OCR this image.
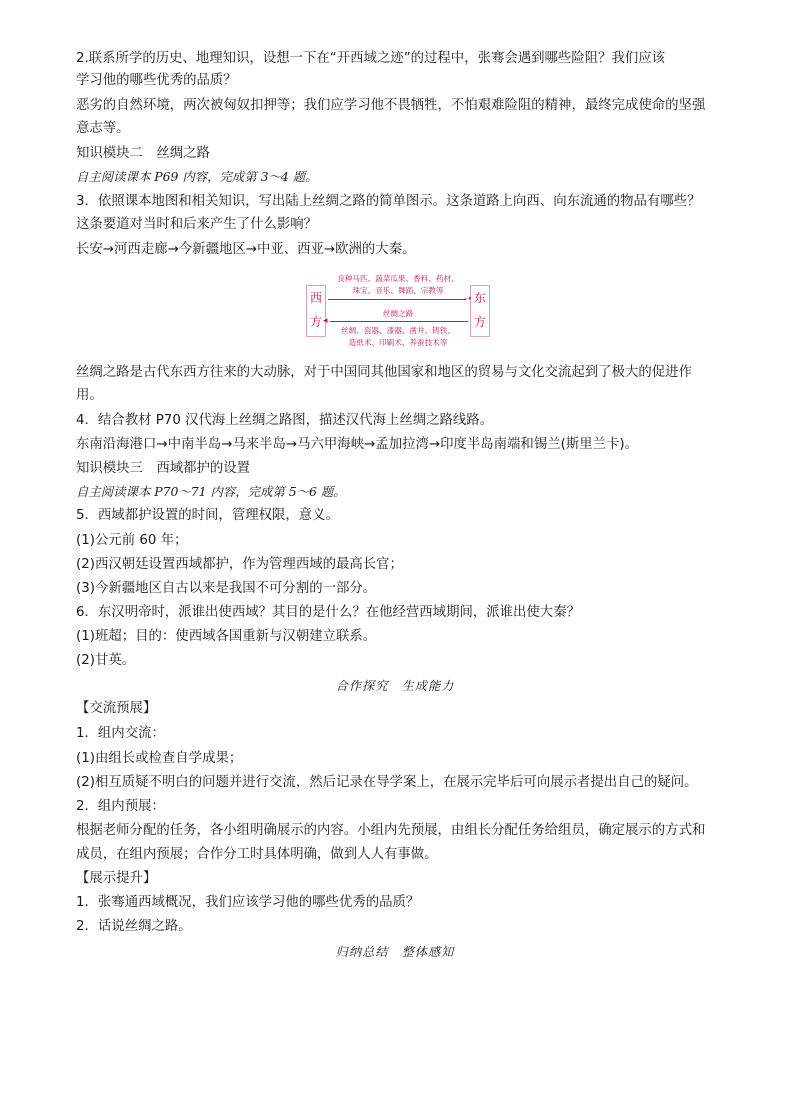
2.联系所学的历史、地理知识，设想一下在“开西域之迹”的过程中，张骞会遇到哪些险阻？我们应该
学习他的哪些优秀的品质？
恶劣的自然环境，两次被匈奴扣押等；我们应学习他不畏牺牲，不怕艰难险阻的精神，最终完成使命的坚强
意志等。
知识模块二　丝绸之路
自主阅读课本 P69 内容，完成第 3～4 题。
3．依照课本地图和相关知识，写出陆上丝绸之路的简单图示。这条道路上向西、向东流通的物品有哪些？
这条要道对当时和后来产生了什么影响？
长安→河西走廊→今新疆地区→中亚、西亚→欧洲的大秦。
西
方
东
方
良种马匹、蔬菜瓜果、香料、药材、
珠宝、音乐、舞蹈、宗教等
➝
丝绸之路
◂
丝绸、瓷器、漆器、凿井、铸铁、
造纸术、印刷术、养蚕技术等
丝绸之路是古代东西方往来的大动脉，对于中国同其他国家和地区的贸易与文化交流起到了极大的促进作
用。
4．结合教材 P70 汉代海上丝绸之路图，描述汉代海上丝绸之路线路。
东南沿海港口→中南半岛→马来半岛→马六甲海峡→孟加拉湾→印度半岛南端和锡兰(斯里兰卡)。
知识模块三　西域都护的设置
自主阅读课本 P70～71 内容，完成第 5～6 题。
5．西域都护设置的时间，管理权限，意义。
(1)公元前 60 年；
(2)西汉朝廷设置西域都护，作为管理西域的最高长官；
(3)今新疆地区自古以来是我国不可分割的一部分。
6．东汉明帝时，派谁出使西域？其目的是什么？在他经营西域期间，派谁出使大秦？
(1)班超；目的：使西域各国重新与汉朝建立联系。
(2)甘英。
合作探究　生成能力
【交流预展】
1．组内交流：
(1)由组长或检查自学成果；
(2)相互质疑不明白的问题并进行交流，然后记录在导学案上，在展示完毕后可向展示者提出自己的疑问。
2．组内预展：
根据老师分配的任务，各小组明确展示的内容。小组内先预展，由组长分配任务给组员，确定展示的方式和
成员，在组内预展；合作分工时具体明确，做到人人有事做。
【展示提升】
1．张骞通西域概况，我们应该学习他的哪些优秀的品质？
2．话说丝绸之路。
归纳总结　整体感知
